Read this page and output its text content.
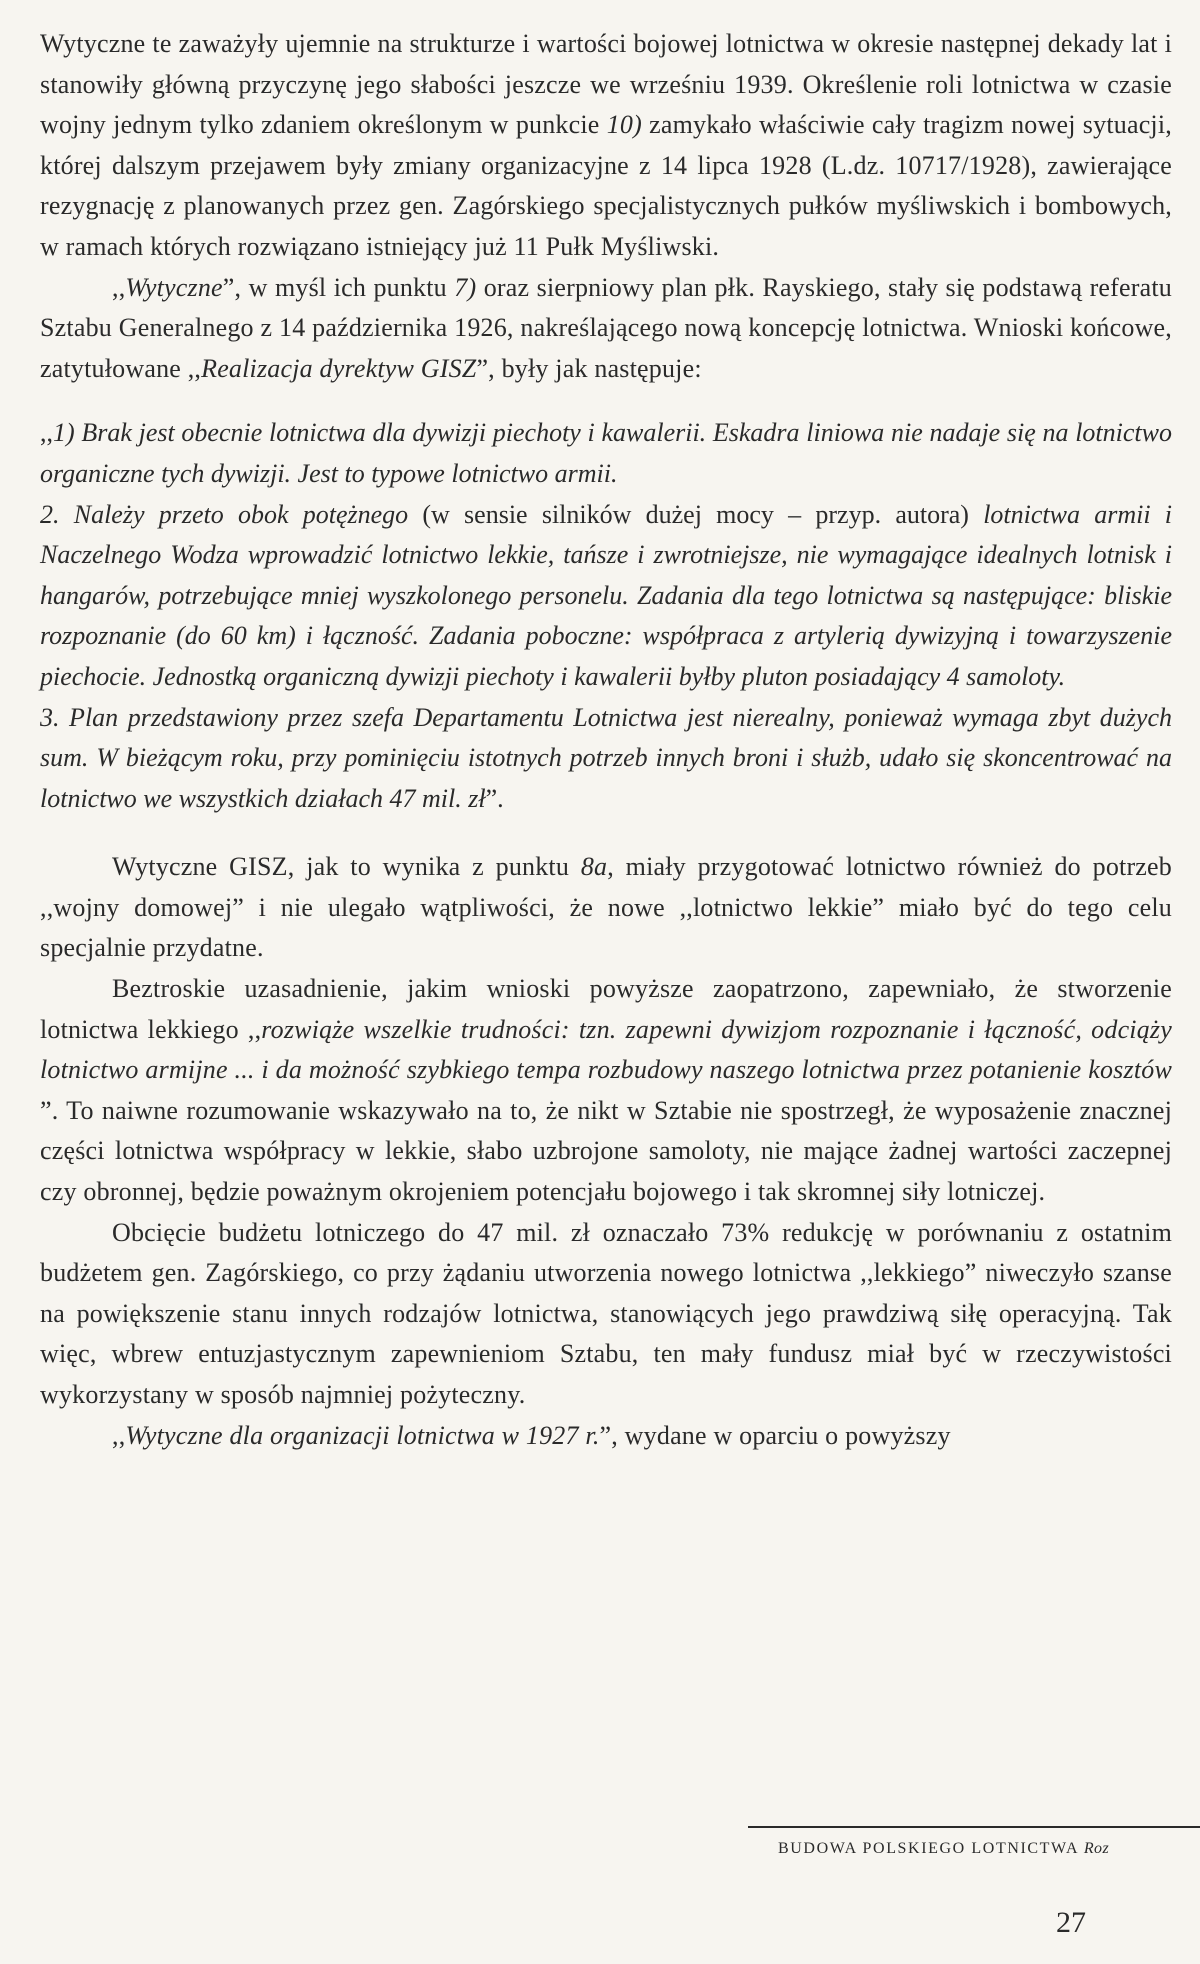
Wytyczne te zaważyły ujemnie na strukturze i wartości bojowej lotnictwa w okresie następnej dekady lat i stanowiły główną przyczynę jego słabości jeszcze we wrześniu 1939. Określenie roli lotnictwa w czasie wojny jednym tylko zdaniem określonym w punkcie 10) zamykało właściwie cały tragizm nowej sytuacji, której dalszym przejawem były zmiany organizacyjne z 14 lipca 1928 (L.dz. 10717/1928), zawierające rezygnację z planowanych przez gen. Zagórskiego specjalistycznych pułków myśliwskich i bombowych, w ramach których rozwiązano istniejący już 11 Pułk Myśliwski.

,,Wytyczne”, w myśl ich punktu 7) oraz sierpniowy plan płk. Rayskiego, stały się podstawą referatu Sztabu Generalnego z 14 października 1926, nakreślającego nową koncepcję lotnictwa. Wnioski końcowe, zatytułowane ,,Realizacja dyrektyw GISZ”, były jak następuje:

,,1) Brak jest obecnie lotnictwa dla dywizji piechoty i kawalerii. Eskadra liniowa nie nadaje się na lotnictwo organiczne tych dywizji. Jest to typowe lotnictwo armii.

2. Należy przeto obok potężnego (w sensie silników dużej mocy – przyp. autora) lotnictwa armii i Naczelnego Wodza wprowadzić lotnictwo lekkie, tańsze i zwrotniejsze, nie wymagające idealnych lotnisk i hangarów, potrzebujące mniej wyszkolonego personelu. Zadania dla tego lotnictwa są następujące: bliskie rozpoznanie (do 60 km) i łączność. Zadania poboczne: współpraca z artylerią dywizyjną i towarzyszenie piechocie. Jednostką organiczną dywizji piechoty i kawalerii byłby pluton posiadający 4 samoloty.

3. Plan przedstawiony przez szefa Departamentu Lotnictwa jest nierealny, ponieważ wymaga zbyt dużych sum. W bieżącym roku, przy pominięciu istotnych potrzeb innych broni i służb, udało się skoncentrować na lotnictwo we wszystkich działach 47 mil. zł”.

Wytyczne GISZ, jak to wynika z punktu 8a, miały przygotować lotnictwo również do potrzeb ,,wojny domowej” i nie ulegało wątpliwości, że nowe ,,lotnictwo lekkie” miało być do tego celu specjalnie przydatne.

Beztroskie uzasadnienie, jakim wnioski powyższe zaopatrzono, zapewniało, że stworzenie lotnictwa lekkiego ,,rozwiąże wszelkie trudności: tzn. zapewni dywizjom rozpoznanie i łączność, odciąży lotnictwo armijne ... i da możność szybkiego tempa rozbudowy naszego lotnictwa przez potanienie kosztów ”. To naiwne rozumowanie wskazywało na to, że nikt w Sztabie nie spostrzegł, że wyposażenie znacznej części lotnictwa współpracy w lekkie, słabo uzbrojone samoloty, nie mające żadnej wartości zaczepnej czy obronnej, będzie poważnym okrojeniem potencjału bojowego i tak skromnej siły lotniczej.

Obcięcie budżetu lotniczego do 47 mil. zł oznaczało 73% redukcję w porównaniu z ostatnim budżetem gen. Zagórskiego, co przy żądaniu utworzenia nowego lotnictwa ,,lekkiego” niweczyło szanse na powiększenie stanu innych rodzajów lotnictwa, stanowiących jego prawdziwą siłę operacyjną. Tak więc, wbrew entuzjastycznym zapewnieniom Sztabu, ten mały fundusz miał być w rzeczywistości wykorzystany w sposób najmniej pożyteczny.

,,Wytyczne dla organizacji lotnictwa w 1927 r.”, wydane w oparciu o powyższy

BUDOWA POLSKIEGO LOTNICTWA Roz
27
